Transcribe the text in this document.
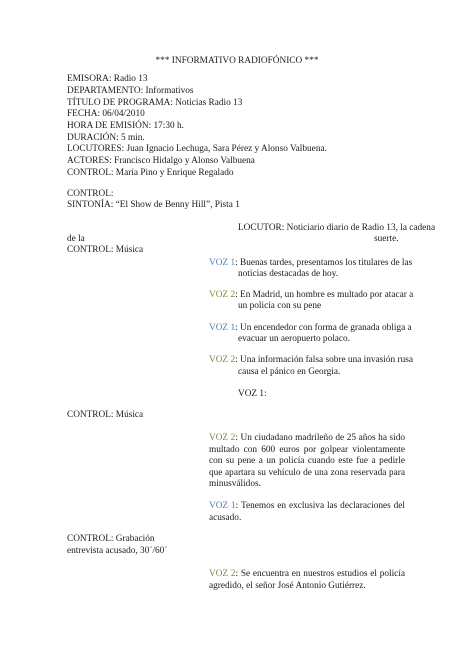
*** INFORMATIVO RADIOFÓNICO ***
EMISORA: Radio 13
DEPARTAMENTO: Informativos
TÍTULO DE PROGRAMA: Noticias Radio 13
FECHA: 06/04/2010
HORA DE EMISIÓN: 17:30 h.
DURACIÓN: 5 min.
LOCUTORES: Juan Ignacio Lechuga, Sara Pérez y Alonso Valbuena.
ACTORES: Francisco Hidalgo y Alonso Valbuena
CONTROL: María Pino y Enrique Regalado
CONTROL:
SINTONÍA: “El Show de Benny Hill”, Pista 1
LOCUTOR: Noticiario diario de Radio 13, la cadena
suerte.
de la
CONTROL: Música
VOZ 1: Buenas tardes, presentamos los titulares de las
noticias destacadas de hoy.
VOZ 2: En Madrid, un hombre es multado por atacar a
un policía con su pene
VOZ 1: Un encendedor con forma de granada obliga a
evacuar un aeropuerto polaco.
VOZ 2: Una información falsa sobre una invasión rusa
causa el pánico en Georgia.
VOZ 1:
CONTROL: Música
VOZ 2: Un ciudadano madrileño de 25 años ha sido multado con 600 euros por golpear violentamente con su pene a un policía cuando este fue a pedirle que apartara su vehículo de una zona reservada para minusválidos.
VOZ 1: Tenemos en exclusiva las declaraciones del acusado.
CONTROL: Grabación
entrevista acusado, 30´/60´
VOZ 2: Se encuentra en nuestros estudios el policía agredido, el señor José Antonio Gutiérrez.
